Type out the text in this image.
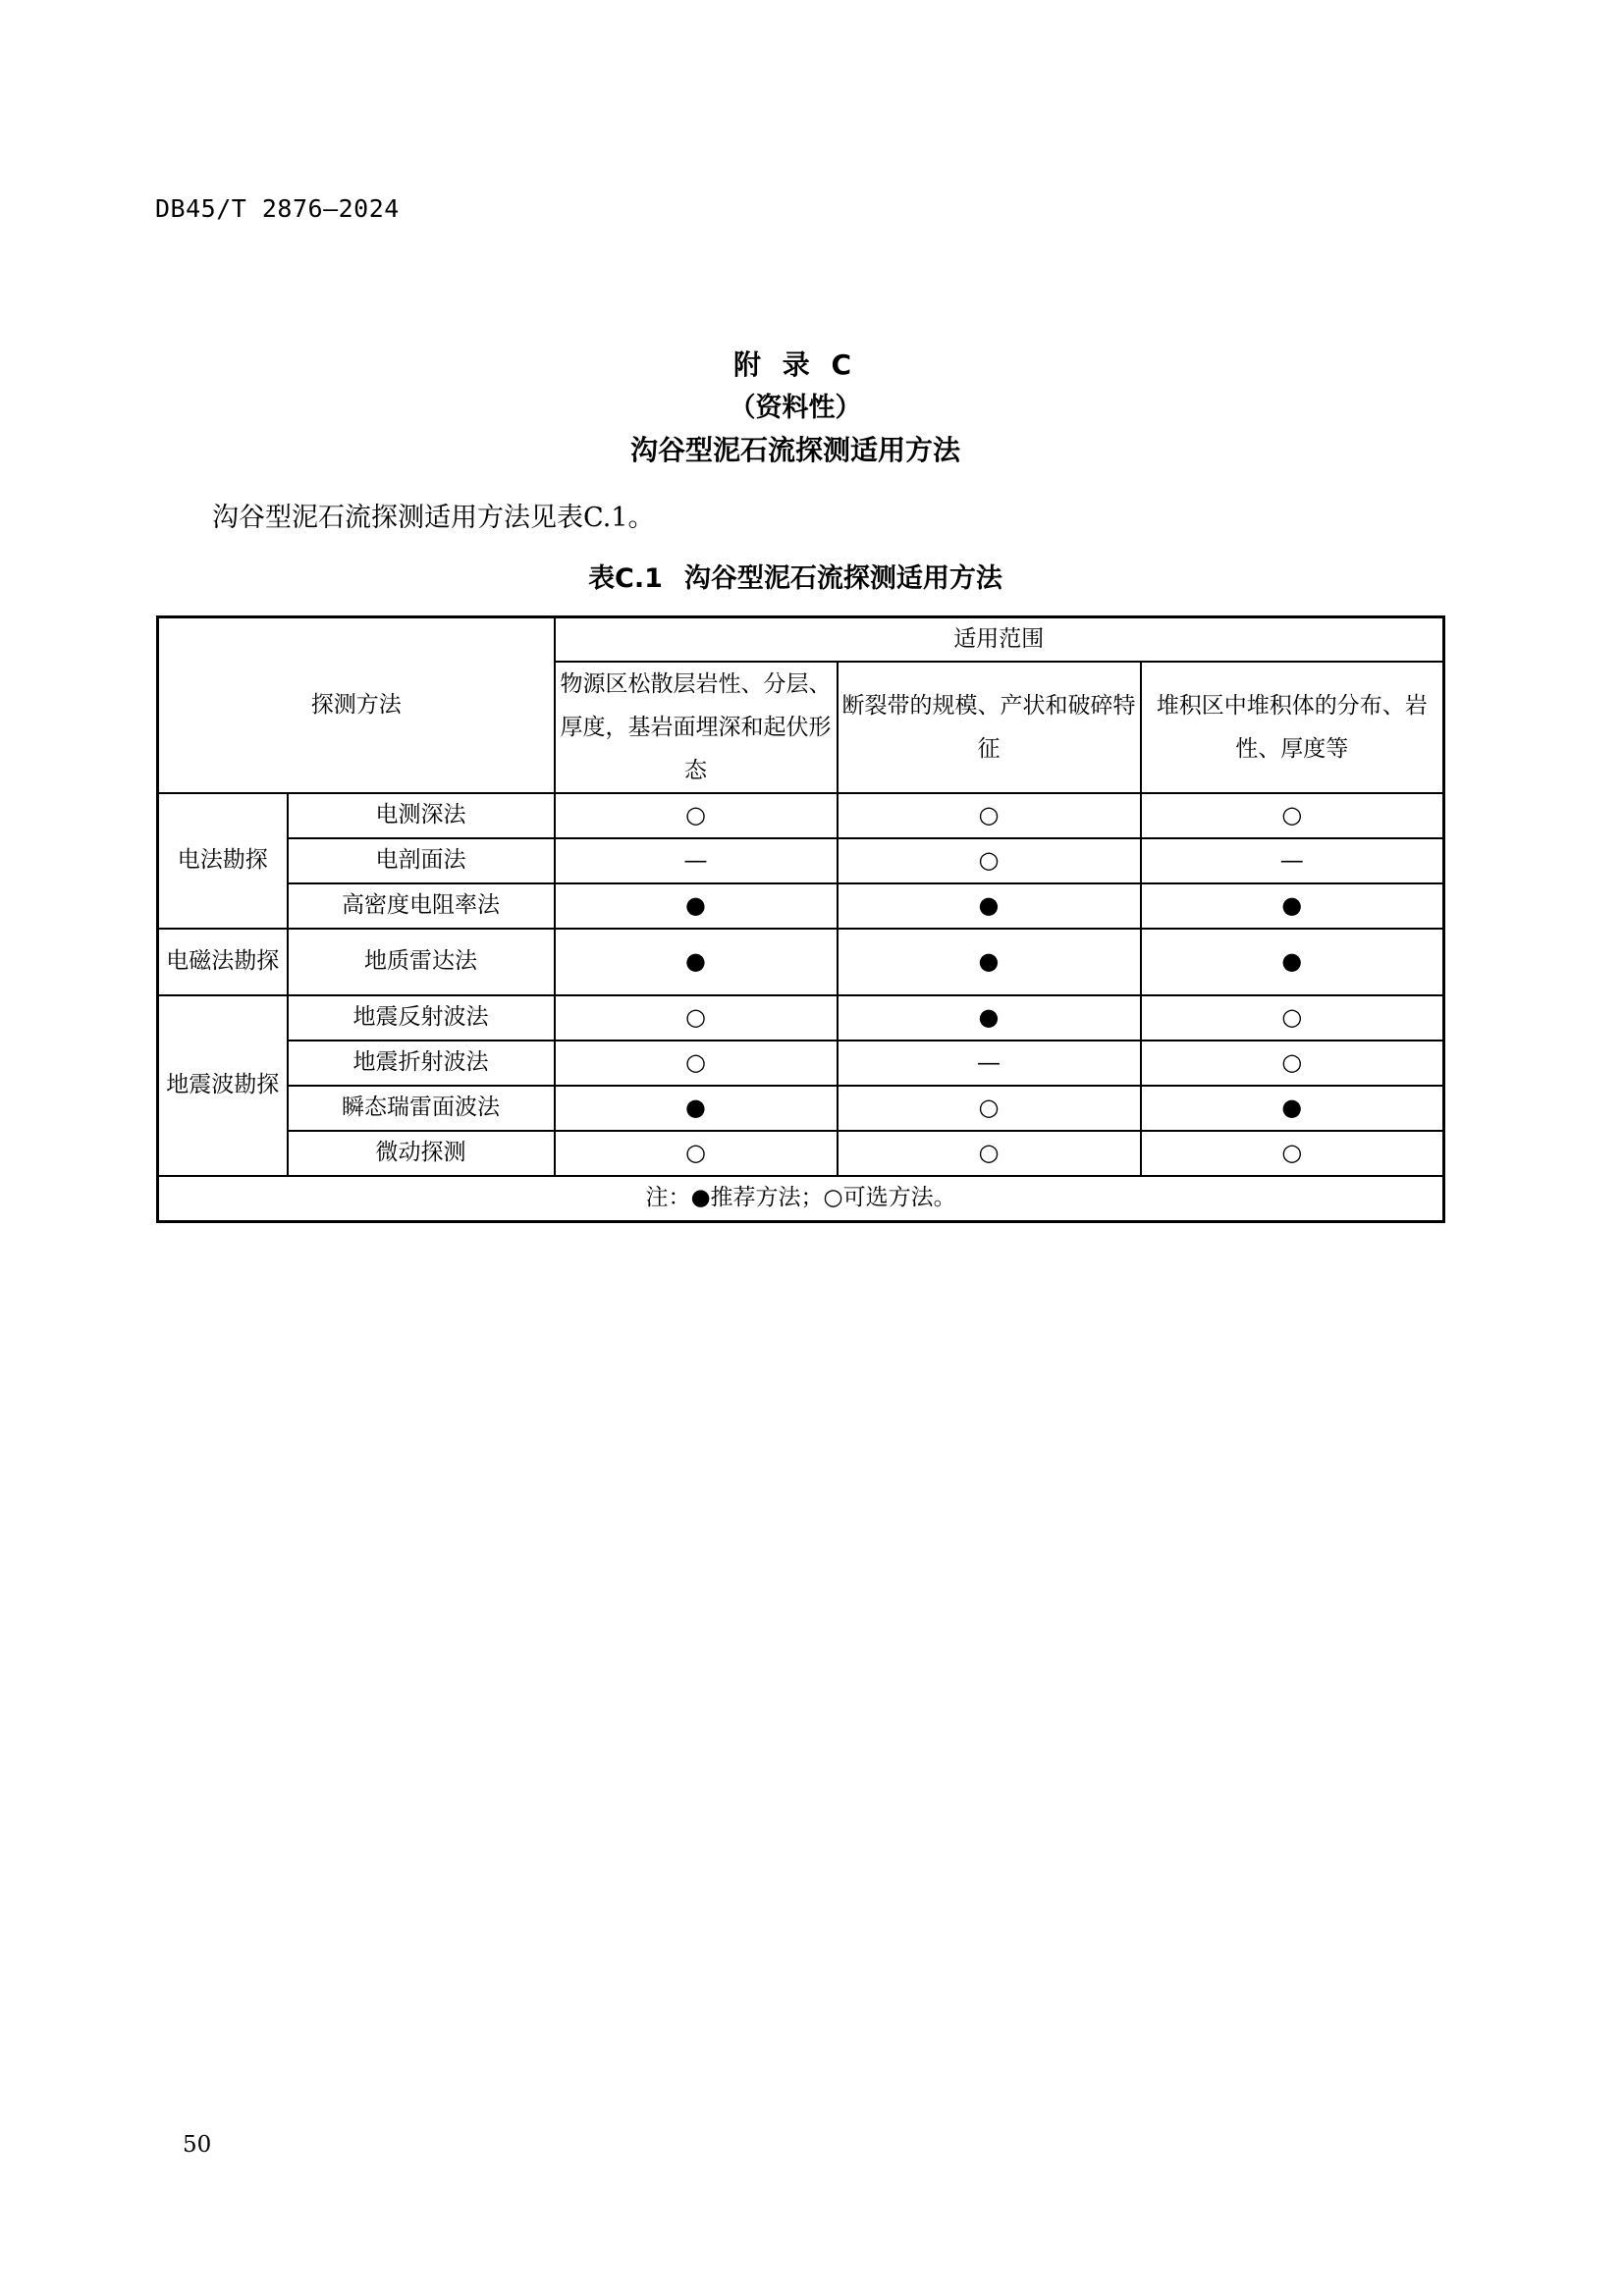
DB45/T 2876—2024
附 录 C
（资料性）
沟谷型泥石流探测适用方法
沟谷型泥石流探测适用方法见表C.1。
表C.1 沟谷型泥石流探测适用方法
探测方法		适用范围		
		物源区松散层岩性、分层、厚度，基岩面埋深和起伏形态	断裂带的规模、产状和破碎特征	堆积区中堆积体的分布、岩性、厚度等
电法勘探	电测深法	○	○	○
	电剖面法	—	○	—
	高密度电阻率法	●	●	●
电磁法勘探	地质雷达法	●	●	●
地震波勘探	地震反射波法	○	●	○
	地震折射波法	○	—	○
	瞬态瑞雷面波法	●	○	●
	微动探测	○	○	○
注：●推荐方法；○可选方法。				
50
